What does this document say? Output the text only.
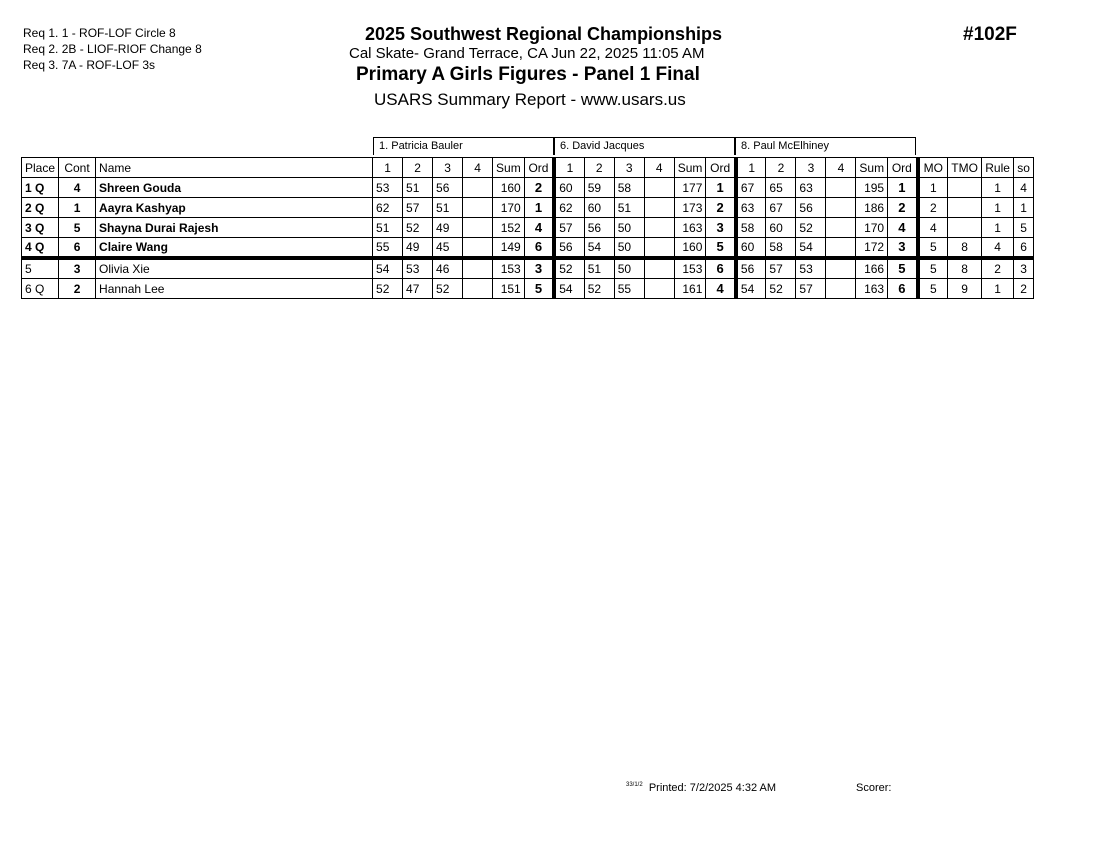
Req 1. 1 - ROF-LOF Circle 8
Req 2. 2B - LIOF-RIOF Change 8
Req 3. 7A - ROF-LOF 3s
2025 Southwest Regional Championships
Cal Skate- Grand Terrace, CA Jun 22, 2025 11:05 AM
Primary A Girls Figures - Panel 1 Final
USARS Summary Report - www.usars.us
#102F
1. Patricia Bauler	6. David Jacques	8. Paul McElhiney
Place	Cont	Name	1	2	3	4	Sum	Ord	1	2	3	4	Sum	Ord	1	2	3	4	Sum	Ord	MO	TMO	Rule	so
1 Q	4	Shreen Gouda	53	51	56		160	2	60	59	58		177	1	67	65	63		195	1	1		1	4
2 Q	1	Aayra Kashyap	62	57	51		170	1	62	60	51		173	2	63	67	56		186	2	2		1	1
3 Q	5	Shayna Durai Rajesh	51	52	49		152	4	57	56	50		163	3	58	60	52		170	4	4		1	5
4 Q	6	Claire Wang	55	49	45		149	6	56	54	50		160	5	60	58	54		172	3	5	8	4	6
5	3	Olivia Xie	54	53	46		153	3	52	51	50		153	6	56	57	53		166	5	5	8	2	3
6 Q	2	Hannah Lee	52	47	52		151	5	54	52	55		161	4	54	52	57		163	6	5	9	1	2
$^{33/1/2}$ Printed: 7/2/2025 4:32 AM	Scorer:
